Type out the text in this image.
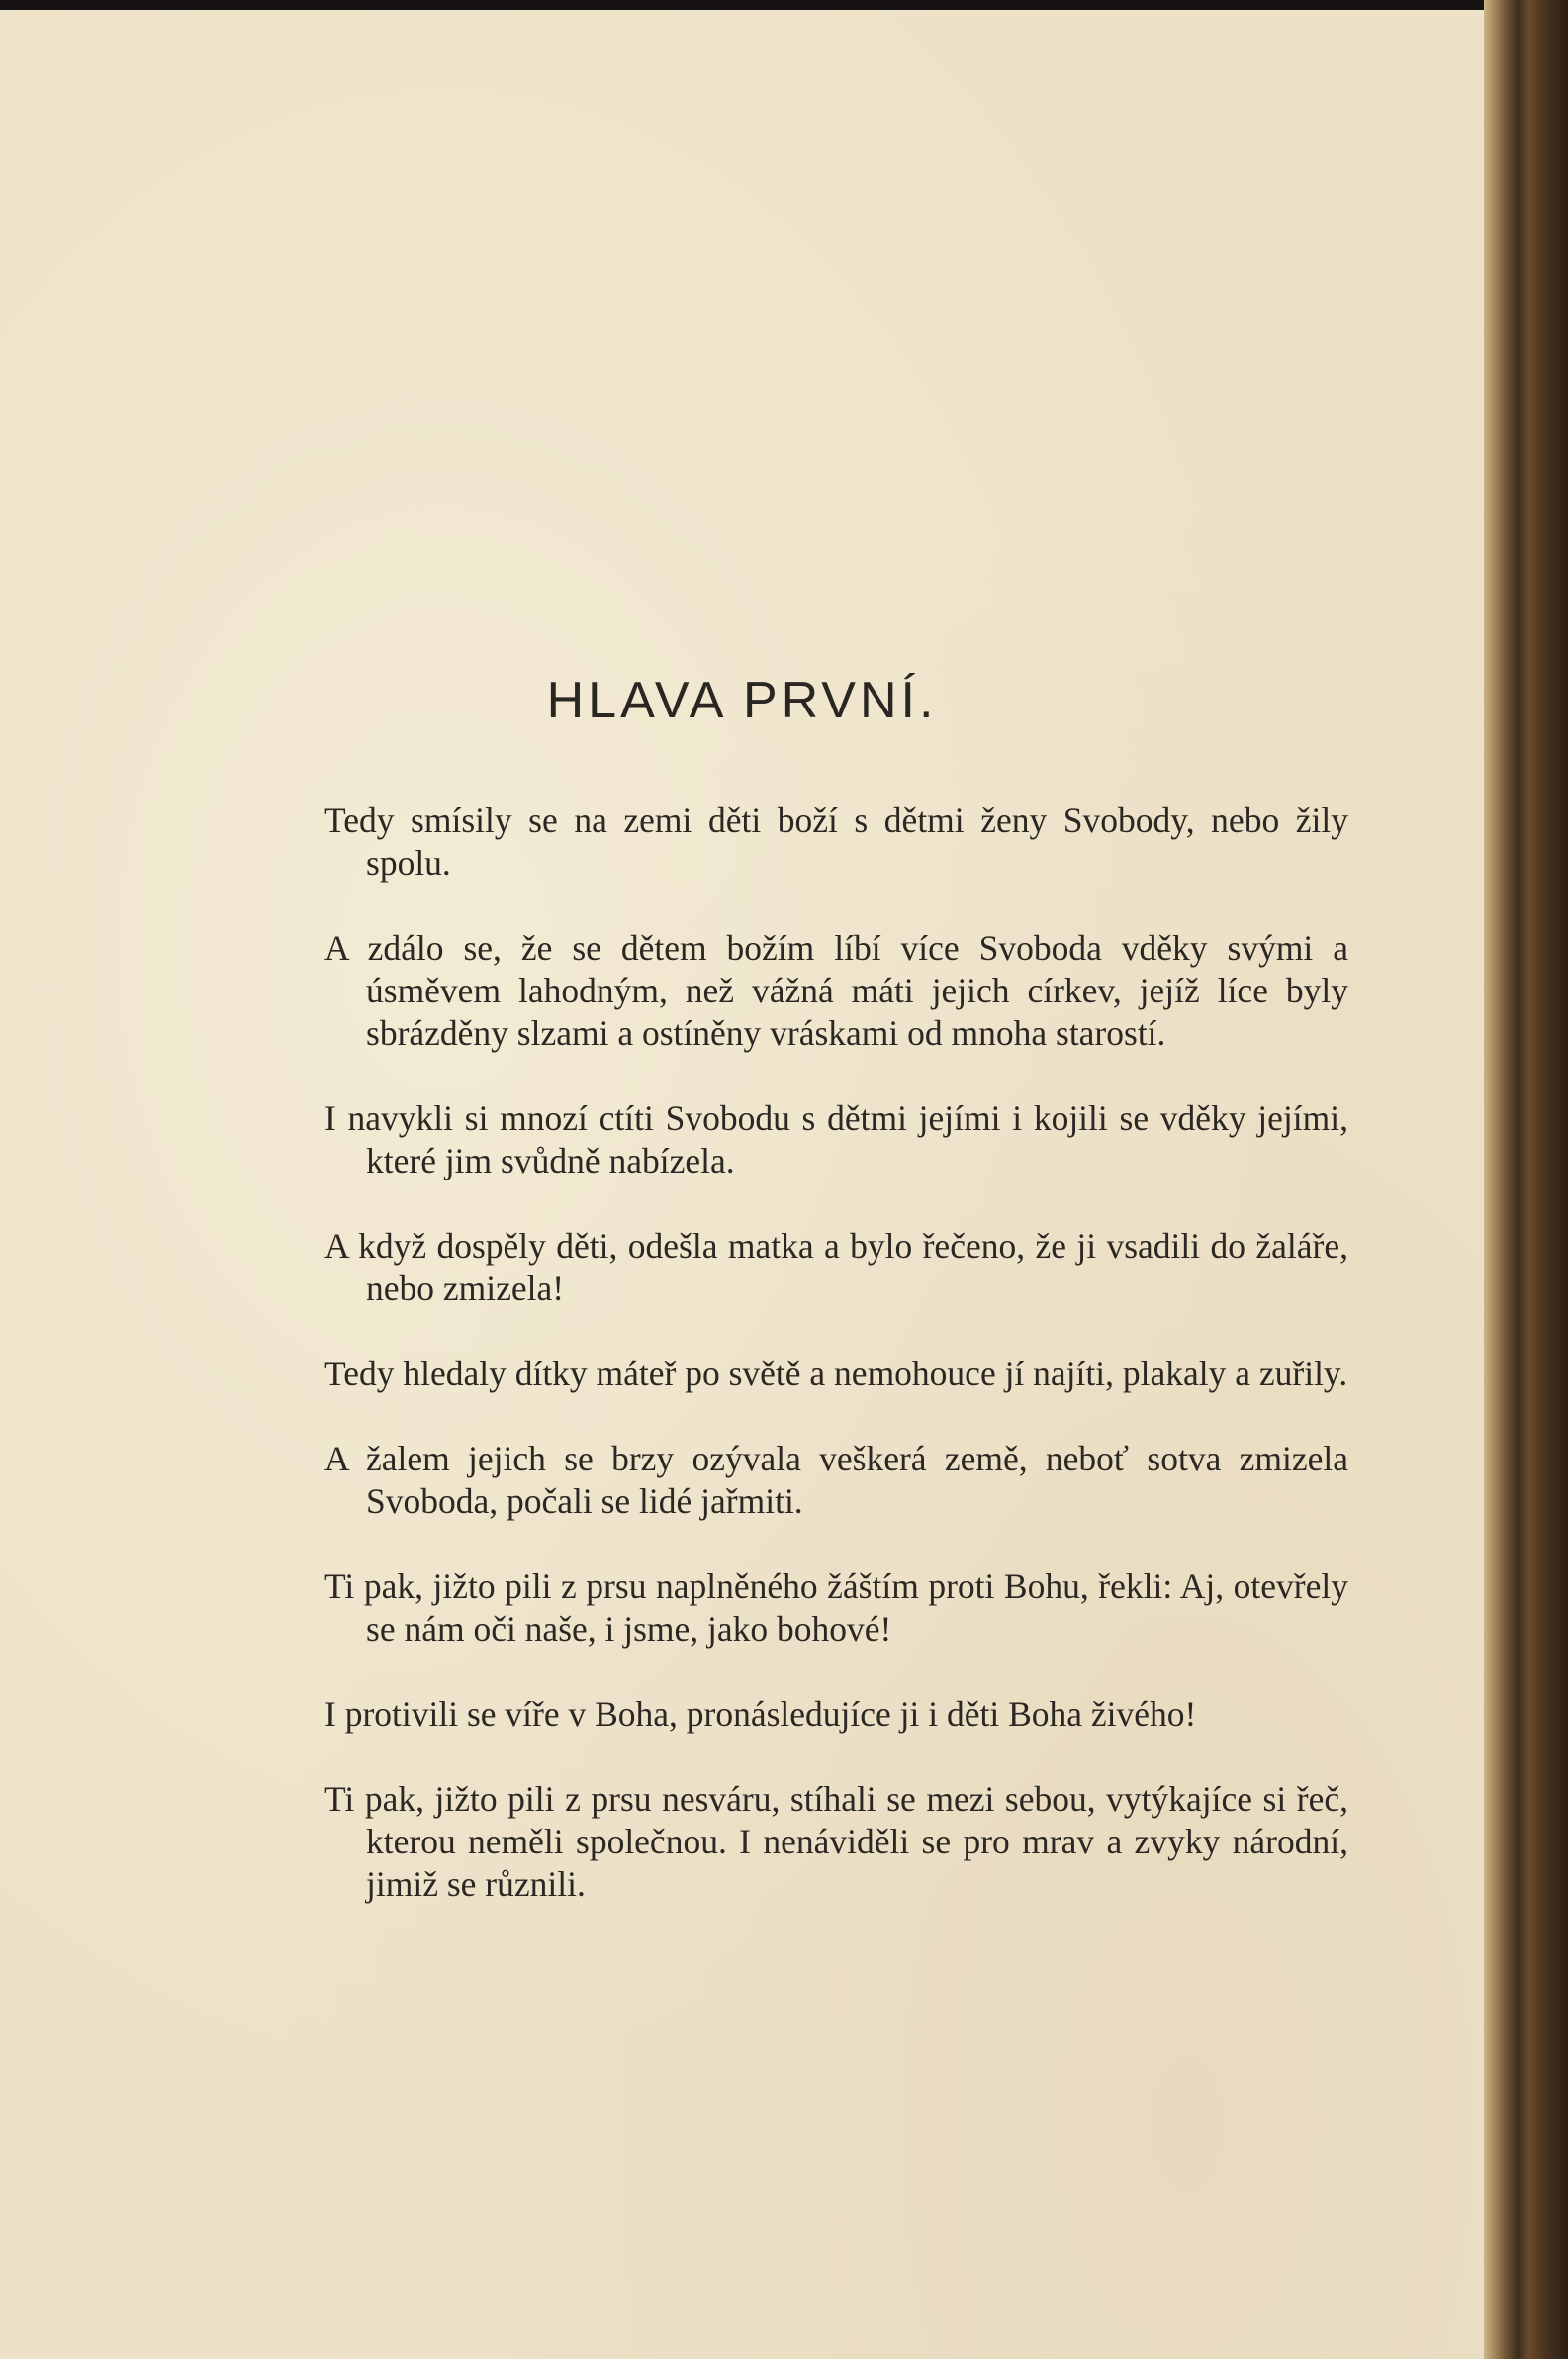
HLAVA PRVNÍ.

Tedy smísily se na zemi děti boží s dětmi ženy Svobody, nebo žily spolu.

A zdálo se, že se dětem božím líbí více Svoboda vděky svými a úsměvem lahodným, než vážná máti jejich církev, jejíž líce byly sbrázděny slzami a ostíněny vráskami od mnoha starostí.

I navykli si mnozí ctíti Svobodu s dětmi jejími i kojili se vděky jejími, které jim svůdně nabízela.

A když dospěly děti, odešla matka a bylo řečeno, že ji vsadili do žaláře, nebo zmizela!

Tedy hledaly dítky máteř po světě a nemohouce jí najíti, plakaly a zuřily.

A žalem jejich se brzy ozývala veškerá země, neboť sotva zmizela Svoboda, počali se lidé jařmiti.

Ti pak, jižto pili z prsu naplněného žáštím proti Bohu, řekli: Aj, otevřely se nám oči naše, i jsme, jako bohové!

I protivili se víře v Boha, pronásledujíce ji i děti Boha živého!

Ti pak, jižto pili z prsu nesváru, stíhali se mezi sebou, vytýkajíce si řeč, kterou neměli společnou. I nenáviděli se pro mrav a zvyky národní, jimiž se různili.
